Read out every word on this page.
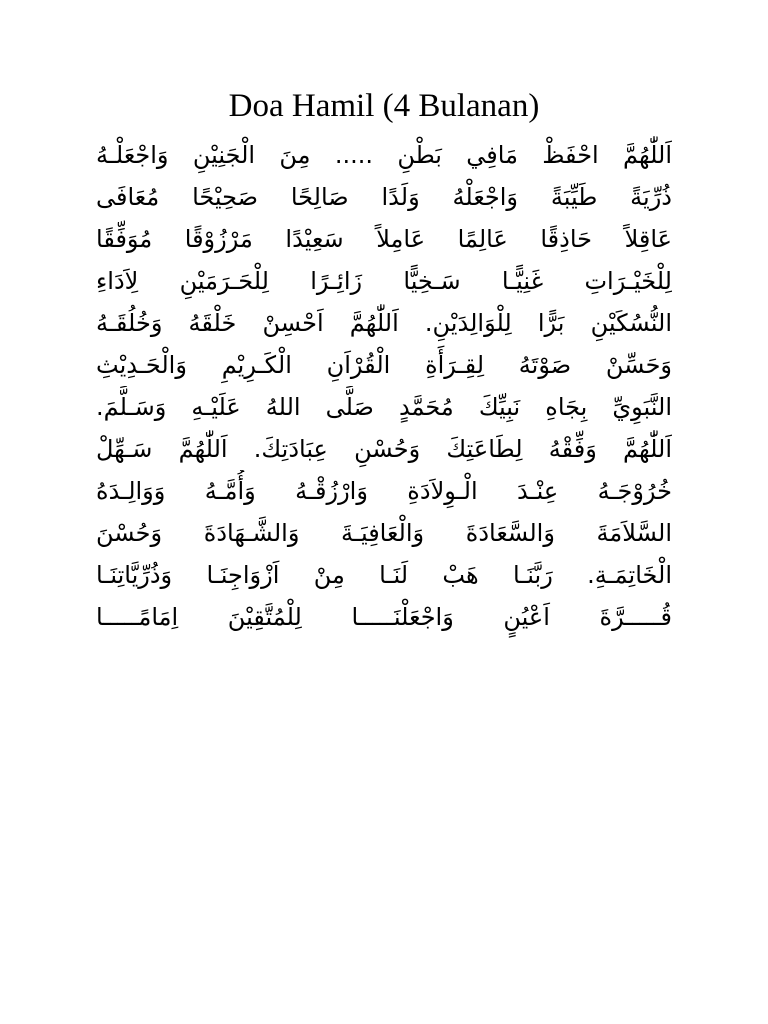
Doa Hamil (4 Bulanan)
اَللّٰهُمَّ احْفَظْ مَافِي بَطْنِ ..... مِنَ الْجَنِيْنِ وَاجْعَلْـهُ
ذُرِّيَةً طَيِّبَةً وَاجْعَلْهُ وَلَدًا صَالِحًا صَحِيْحًا مُعَافَى
عَاقِلاً حَاذِقًا عَالِمًا عَامِلاً سَعِيْدًا مَرْزُوْقًا مُوَفِّقًا
لِلْخَيْـرَاتِ غَنِيًّـا سَـخِيًّا زَائِـرًا لِلْحَـرَمَيْنِ لِاَدَاءِ
النُّسُكَيْنِ بَرًّا لِلْوَالِدَيْنِ. اَللّٰهُمَّ اَحْسِنْ خَلْقَهُ وَخُلُقَـهُ
وَحَسِّنْ صَوْتَهُ لِقِـرَأَةِ الْقُرْاَنِ الْكَـرِيْمِ وَالْحَـدِيْثِ
النَّبَوِيِّ بِجَاهِ نَبِيِّكَ مُحَمَّدٍ صَلَّى اللهُ عَلَيْـهِ وَسَـلَّمَ.
اَللّٰهُمَّ وَفِّقْهُ لِطَاعَتِكَ وَحُسْنِ عِبَادَتِكَ. اَللّٰهُمَّ سَـهِّلْ
خُرُوْجَـهُ عِنْـدَ الْـوِلاَدَةِ وَارْزُقْـهُ وَأُمَّـهُ وَوَالِـدَهُ
السَّلاَمَةَ وَالسَّعَادَةَ وَالْعَافِيَـةَ وَالشَّـهَادَةَ وَحُسْنَ
الْخَاتِمَـةِ. رَبَّنَـا هَبْ لَنَـا مِنْ اَزْوَاجِنَـا وَذُرِّيَّاتِنَـا
قُـــــرَّةَ اَعْيُنٍ وَاجْعَلْنَـــــا لِلْمُتَّقِيْنَ اِمَامًـــــا
